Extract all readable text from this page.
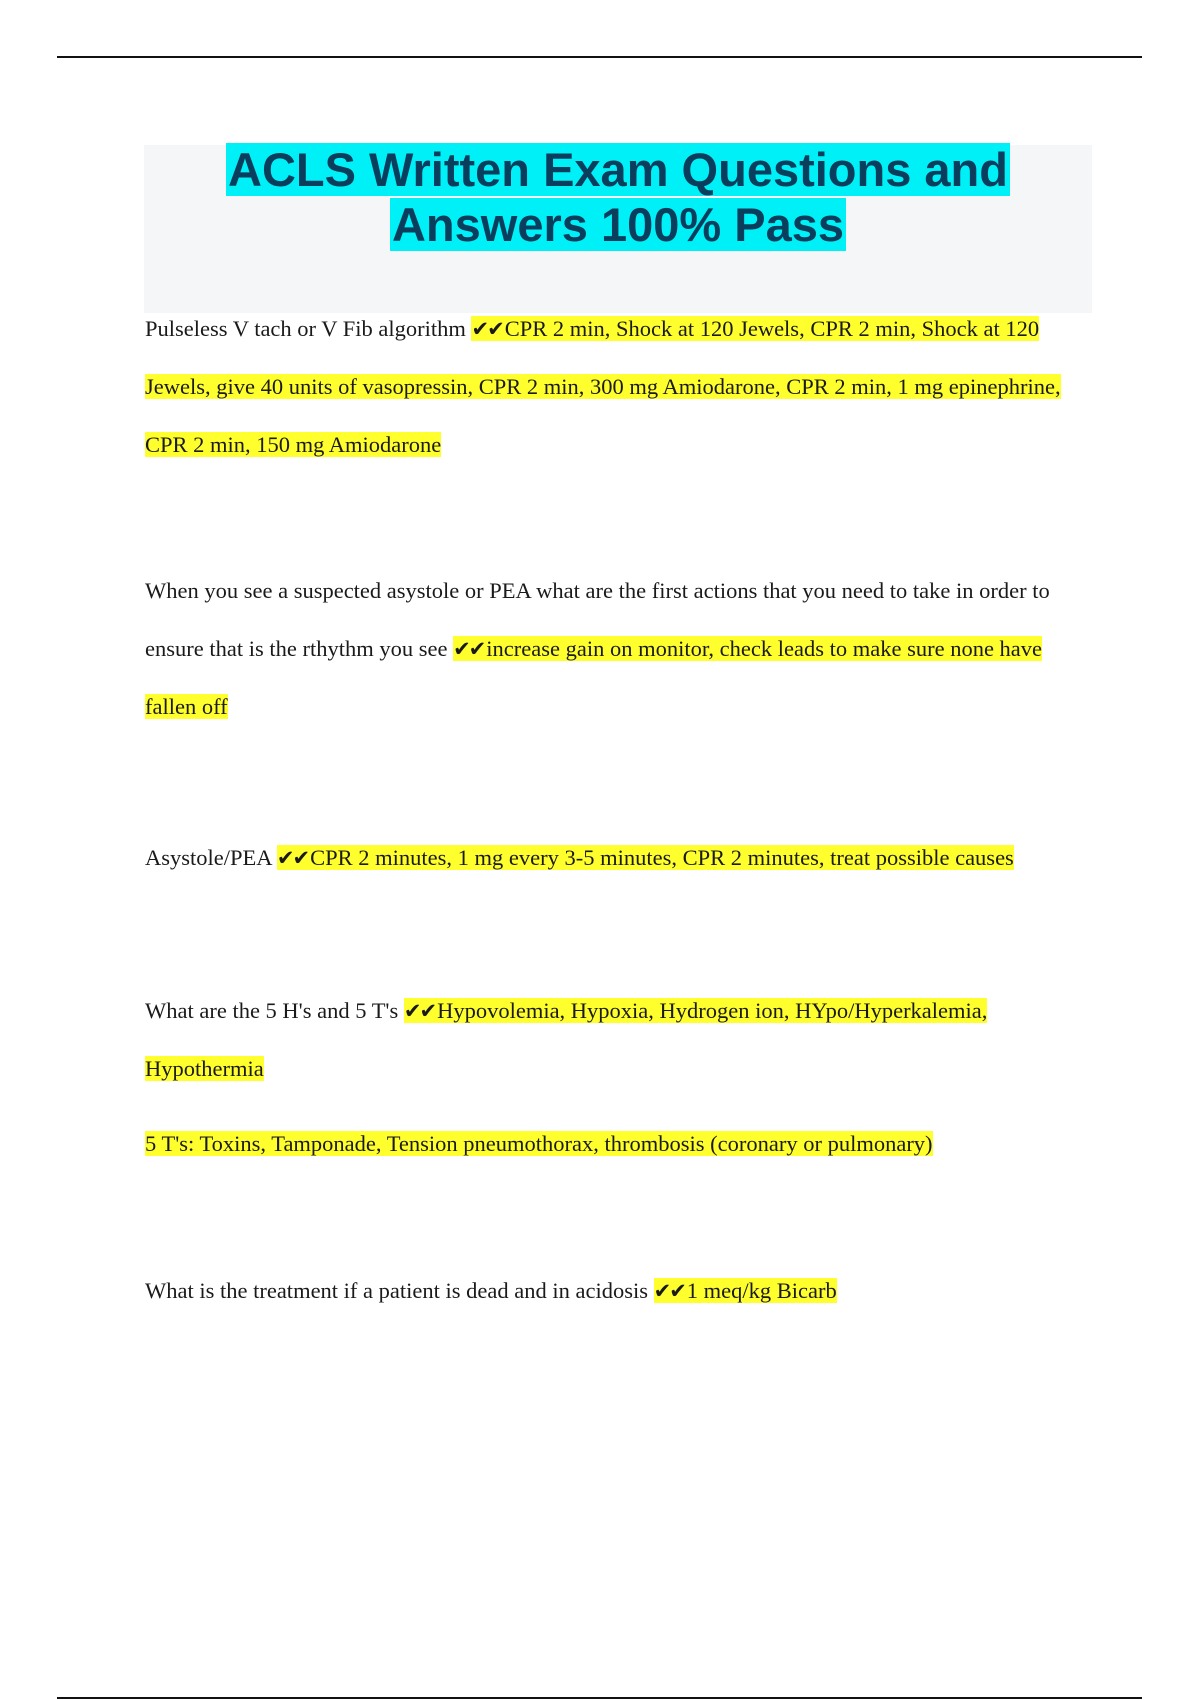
ACLS Written Exam Questions and
Answers 100% Pass

Pulseless V tach or V Fib algorithm ✔✔CPR 2 min, Shock at 120 Jewels, CPR 2 min, Shock at 120 Jewels, give 40 units of vasopressin, CPR 2 min, 300 mg Amiodarone, CPR 2 min, 1 mg epinephrine, CPR 2 min, 150 mg Amiodarone

When you see a suspected asystole or PEA what are the first actions that you need to take in order to ensure that is the rthythm you see ✔✔increase gain on monitor, check leads to make sure none have fallen off

Asystole/PEA ✔✔CPR 2 minutes, 1 mg every 3-5 minutes, CPR 2 minutes, treat possible causes

What are the 5 H's and 5 T's ✔✔Hypovolemia, Hypoxia, Hydrogen ion, HYpo/Hyperkalemia, Hypothermia

5 T's: Toxins, Tamponade, Tension pneumothorax, thrombosis (coronary or pulmonary)

What is the treatment if a patient is dead and in acidosis ✔✔1 meq/kg Bicarb
